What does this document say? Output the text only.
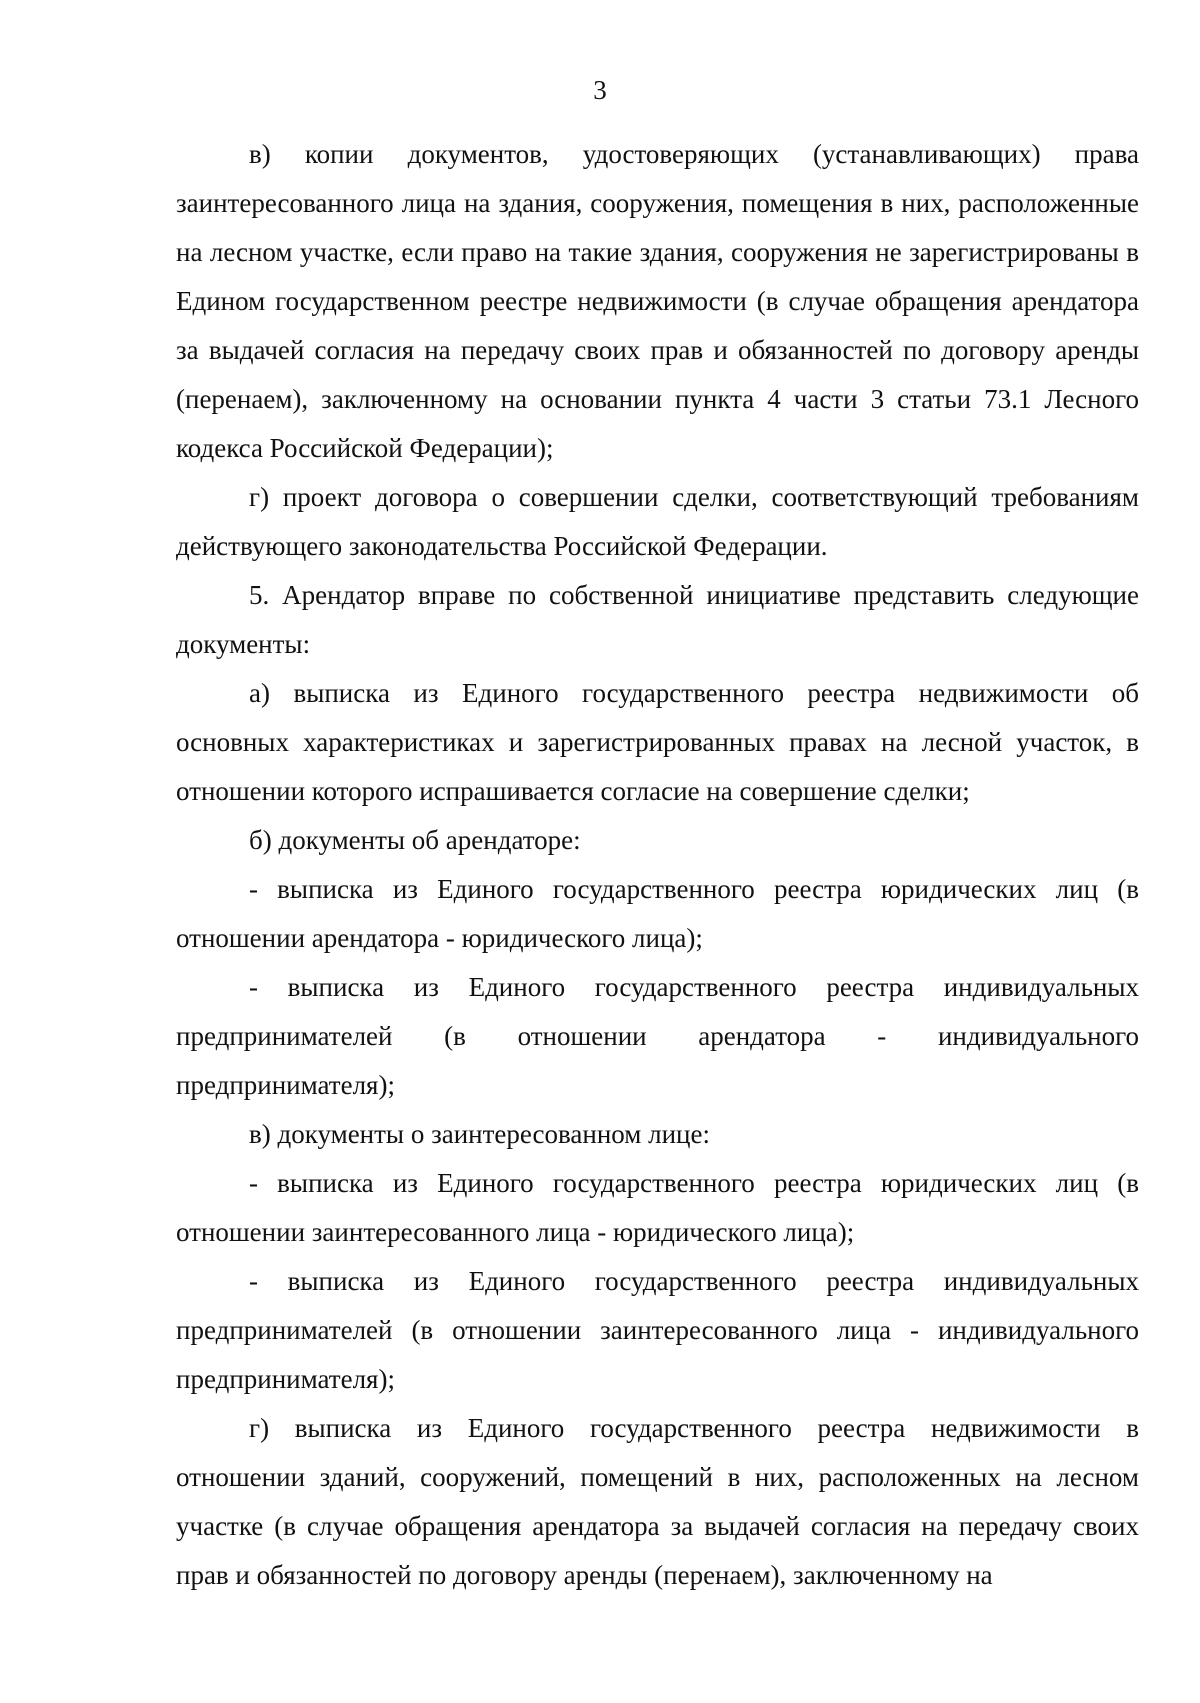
3

в) копии документов, удостоверяющих (устанавливающих) права заинтересованного лица на здания, сооружения, помещения в них, расположенные на лесном участке, если право на такие здания, сооружения не зарегистрированы в Едином государственном реестре недвижимости (в случае обращения арендатора за выдачей согласия на передачу своих прав и обязанностей по договору аренды (перенаем), заключенному на основании пункта 4 части 3 статьи 73.1 Лесного кодекса Российской Федерации);

г) проект договора о совершении сделки, соответствующий требованиям действующего законодательства Российской Федерации.

5. Арендатор вправе по собственной инициативе представить следующие документы:

а) выписка из Единого государственного реестра недвижимости об основных характеристиках и зарегистрированных правах на лесной участок, в отношении которого испрашивается согласие на совершение сделки;

б) документы об арендаторе:

- выписка из Единого государственного реестра юридических лиц (в отношении арендатора - юридического лица);

- выписка из Единого государственного реестра индивидуальных предпринимателей (в отношении арендатора - индивидуального предпринимателя);

в) документы о заинтересованном лице:

- выписка из Единого государственного реестра юридических лиц (в отношении заинтересованного лица - юридического лица);

- выписка из Единого государственного реестра индивидуальных предпринимателей (в отношении заинтересованного лица - индивидуального предпринимателя);

г) выписка из Единого государственного реестра недвижимости в отношении зданий, сооружений, помещений в них, расположенных на лесном участке (в случае обращения арендатора за выдачей согласия на передачу своих прав и обязанностей по договору аренды (перенаем), заключенному на
